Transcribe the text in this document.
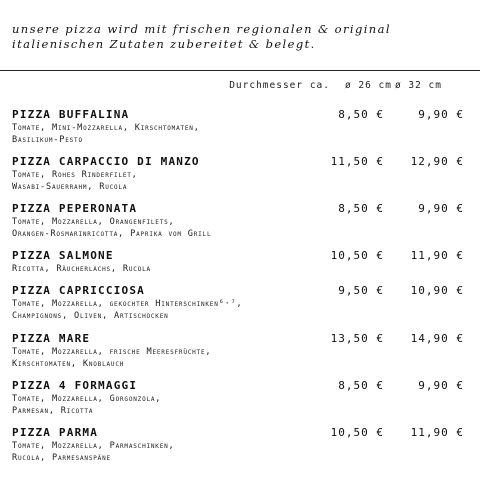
unsere pizza wird mit frischen regionalen & original
italienischen Zutaten zubereitet & belegt.
Durchmesser ca. ø 26 cm ø 32 cm
PIZZA BUFFALINA
Tomate, Mini-Mozzarella, Kirschtomaten,
Basilikum-Pesto
8,50 €	9,90 €
PIZZA CARPACCIO DI MANZO
Tomate, Rohes Rinderfilet,
Wasabi-Sauerrahm, Rucola
11,50 € 12,90 €
PIZZA PEPERONATA
Tomate, Mozzarella, Orangenfilets,
Orangen-Rosmarinricotta, Paprika vom Grill
8,50 €	9,90 €
PIZZA SALMONE
Ricotta, Räucherlachs, Rucola
10,50 € 11,90 €
PIZZA CAPRICCIOSA
Tomate, Mozzarella, gekochter Hinterschinken⁶·⁷,
Champignons, Oliven, Artischocken
9,50 € 10,90 €
PIZZA MARE
Tomate, Mozzarella, frische Meeresfrüchte,
Kirschtomaten, Knoblauch
13,50 € 14,90 €
PIZZA 4 FORMAGGI
Tomate, Mozzarella, Gorgonzola,
Parmesan, Ricotta
8,50 €	9,90 €
PIZZA PARMA
Tomate, Mozzarella, Parmaschinken,
Rucola, Parmesanspäne
10,50 € 11,90 €
